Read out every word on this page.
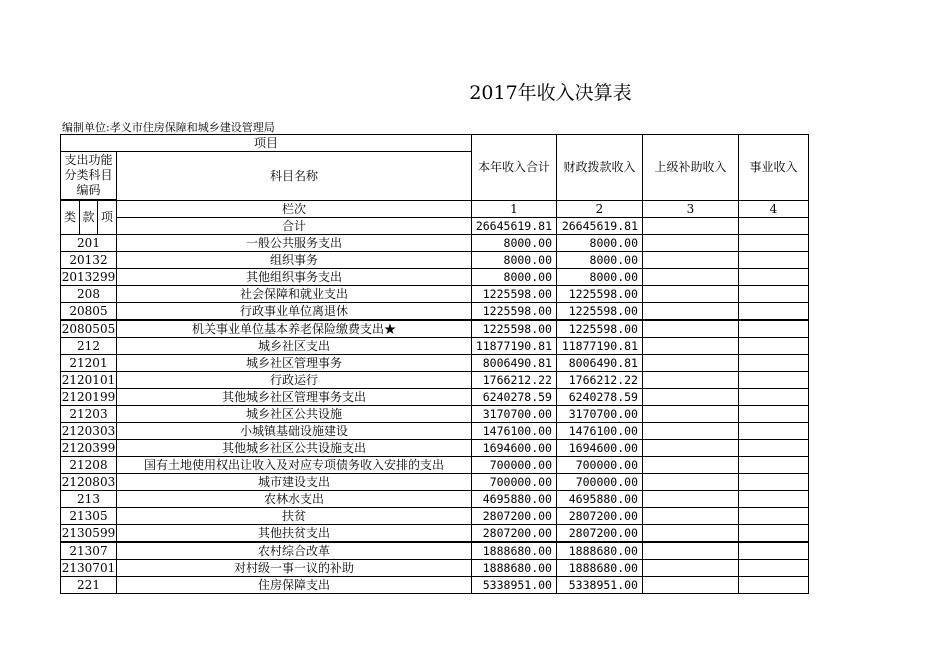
2017年收入决算表
编制单位:孝义市住房保障和城乡建设管理局
项目				本年收入合计	财政拨款收入	上级补助收入	事业收入
支出功能分类科目编码			科目名称				

类	款	项	栏次	1	2	3	4
			合计	26645619.81	26645619.81		
201			一般公共服务支出	8000.00	8000.00		
20132			组织事务	8000.00	8000.00		
2013299			其他组织事务支出	8000.00	8000.00		
208			社会保障和就业支出	1225598.00	1225598.00		
20805			行政事业单位离退休	1225598.00	1225598.00		
2080505			机关事业单位基本养老保险缴费支出★	1225598.00	1225598.00		
212			城乡社区支出	11877190.81	11877190.81		
21201			城乡社区管理事务	8006490.81	8006490.81		
2120101			行政运行	1766212.22	1766212.22		
2120199			其他城乡社区管理事务支出	6240278.59	6240278.59		
21203			城乡社区公共设施	3170700.00	3170700.00		
2120303			小城镇基础设施建设	1476100.00	1476100.00		
2120399			其他城乡社区公共设施支出	1694600.00	1694600.00		
21208			国有土地使用权出让收入及对应专项债务收入安排的支出	700000.00	700000.00		
2120803			城市建设支出	700000.00	700000.00		
213			农林水支出	4695880.00	4695880.00		
21305			扶贫	2807200.00	2807200.00		
2130599			其他扶贫支出	2807200.00	2807200.00		
21307			农村综合改革	1888680.00	1888680.00		
2130701			对村级一事一议的补助	1888680.00	1888680.00		
221			住房保障支出	5338951.00	5338951.00		
